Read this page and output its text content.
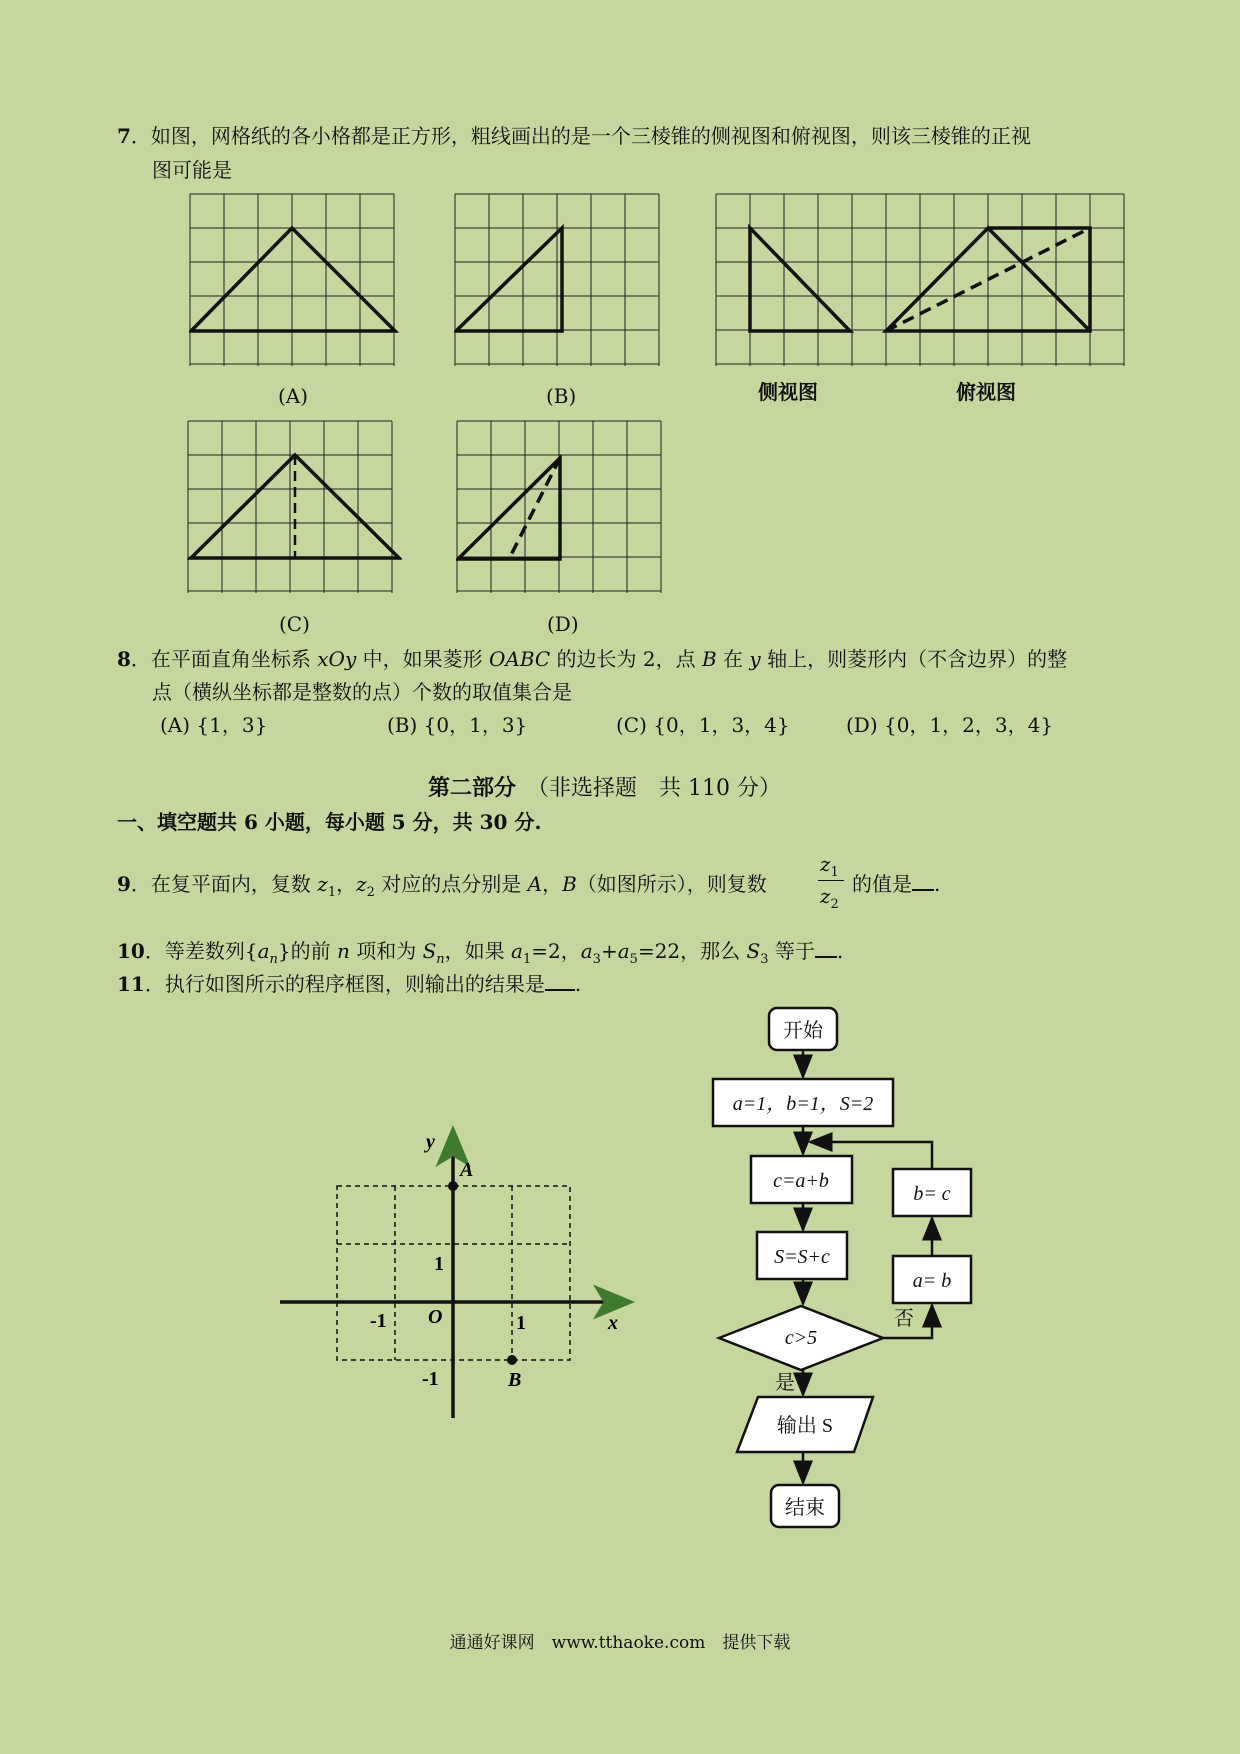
7．如图，网格纸的各小格都是正方形，粗线画出的是一个三棱锥的侧视图和俯视图，则该三棱锥的正视
图可能是
(A)	(B)	侧视图	俯视图
(C)	(D)
8．在平面直角坐标系 xOy 中，如果菱形 OABC 的边长为 2，点 B 在 y 轴上，则菱形内（不含边界）的整
点（横纵坐标都是整数的点）个数的取值集合是
(A) {1，3}	(B) {0，1，3}	(C) {0，1，3，4}	(D) {0，1，2，3，4}
第二部分　 （非选择题　共 110 分）
一、填空题共 6 小题，每小题 5 分，共 30 分.
9．在复平面内，复数 $z_1$，$z_2$ 对应的点分别是 A，B（如图所示），则复数
$z_1$
$z_2$
的值是 .
10．等差数列$\{a_n\}$的前 n 项和为 $S_n$，如果 $a_1=2$，$a_3+a_5=22$，那么 $S_3$ 等于 .
11．执行如图所示的程序框图，则输出的结果是 .
y
x
A
B
O
1
-1	1
-1
开始
a=1，b=1，S=2
c=a+b
S=S+c
c>5
输出 S
结束
a= b
b= c
是
否
通通好课网　www.tthaoke.com　提供下载
